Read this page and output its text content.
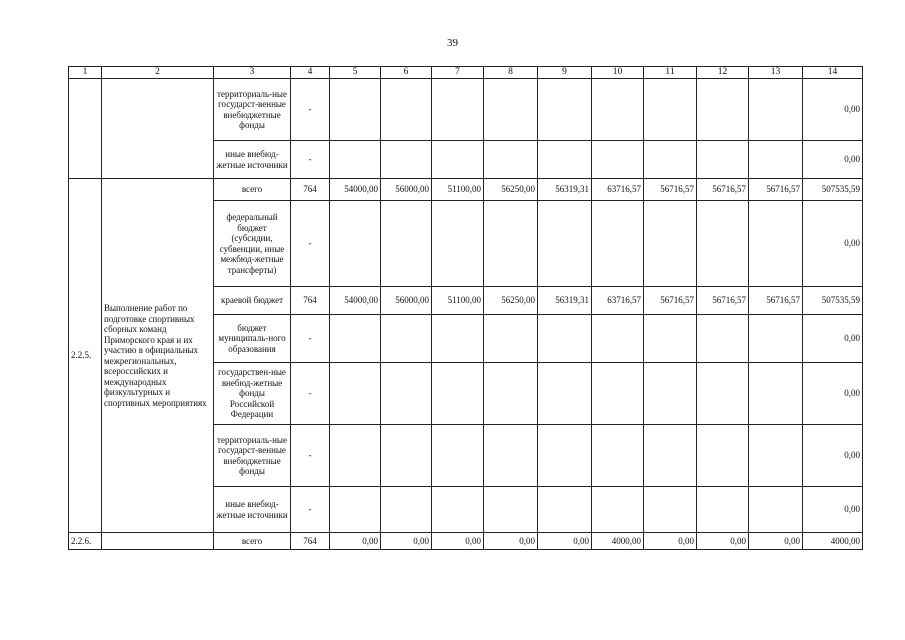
39
1	2	3	4	5	6	7	8	9	10	11	12	13	14
		территориаль-ные государст-венные внебюджетные фонды	-										0,00
		иные внебюд-жетные источники	-										0,00
2.2.5.	Выполнение работ по подготовке спортивных сборных команд Приморского края и их участию в официальных межрегиональных, всероссийских и международных физкультурных и спортивных мероприятиях	всего	764	54000,00	56000,00	51100,00	56250,00	56319,31	63716,57	56716,57	56716,57	56716,57	507535,59
		федеральный бюджет (субсидии, субвенции, иные межбюд-жетные трансферты)	-										0,00
		краевой бюджет	764	54000,00	56000,00	51100,00	56250,00	56319,31	63716,57	56716,57	56716,57	56716,57	507535,59
		бюджет муниципаль-ного образования	-										0,00
		государствен-ные внебюд-жетные фонды Российской Федерации	-										0,00
		территориаль-ные государст-венные внебюджетные фонды	-										0,00
		иные внебюд-жетные источники	-										0,00
2.2.6.		всего	764	0,00	0,00	0,00	0,00	0,00	4000,00	0,00	0,00	0,00	4000,00
